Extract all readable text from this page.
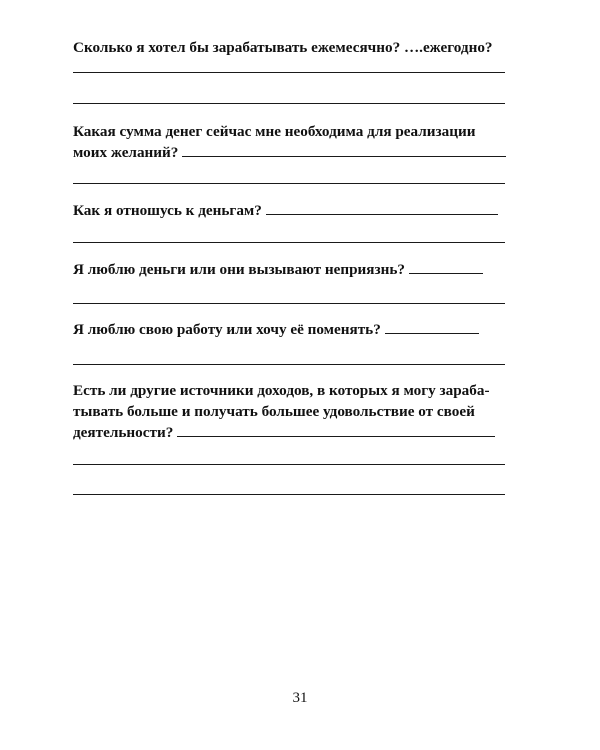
Сколько я хотел бы зарабатывать ежемесячно? ….ежегодно?
Какая сумма денег сейчас мне необходима для реализации
моих желаний?
Как я отношусь к деньгам?
Я люблю деньги или они вызывают неприязнь?
Я люблю свою работу или хочу её поменять?
Есть ли другие источники доходов, в которых я могу зараба-
тывать больше и получать большее удовольствие от своей
деятельности?
31
